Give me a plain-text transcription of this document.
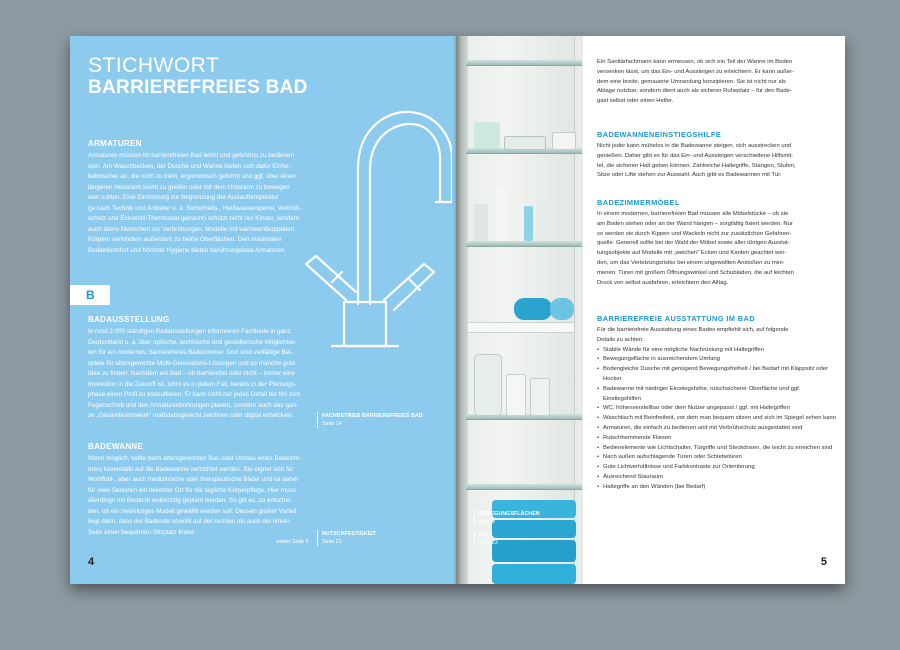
STICHWORT
BARRIEREFREIES BAD
ARMATUREN
Armaturen müssen im barrierefreien Bad leicht und gefahrlos zu bedienen
sein. Am Waschbecken, der Dusche und Wanne bieten sich dafür Einhe-
belmischer an, die nicht zu klein, ergonomisch geformt und ggf. über einen
längeren Hebelarm leicht zu greifen oder mit dem Unterarm zu bewegen
sein sollten. Eine Einrichtung zur Begrenzung der Auslauftemperatur
(je nach Technik und Anbieter u. a. Sicherheits-, Heißwassersperre, Verbrüh-
schutz und Eckventil-Thermostat genannt) schützt nicht nur Kinder, sondern
auch ältere Menschen vor Verbrühungen. Modelle mit wärmeentkoppelten
Körpern verhindern außerdem zu heiße Oberflächen. Den maximalen
Bedienkomfort und höchste Hygiene bieten berührungslose Armaturen.
B
BADAUSSTELLUNG
In rund 2.000 ständigen Badausstellungen informieren Fachleute in ganz
Deutschland u. a. über optische, technische und gestalterische Möglichkei-
ten für ein modernes, barrierefreies Badezimmer. Dort sind vielfältige Bei-
spiele für altersgerechte Multi-Generations-Lösungen und so manche gute
Idee zu finden. Nachdem ein Bad – ob barrierefrei oder nicht – immer eine
Investition in die Zukunft ist, lohnt es in jedem Fall, bereits in der Planungs-
phase einen Profi zu konsultieren. Er kann nicht nur jedes Detail bis hin zum
Fugenschnitt und den Armaturenbohrungen planen, sondern auch das gan-
ze „Gesamtkunstwerk" maßstabsgerecht zeichnen oder digital entwickeln.
BADEWANNE
Wenn möglich, sollte beim altersgerechten Bau oder Umbau eines Badezim-
mers keinesfalls auf die Badewanne verzichtet werden. Sie eignet sich für
Wohlfühl-, aber auch medizinische oder therapeutische Bäder und ist daher
für viele Senioren ein beliebter Ort für die tägliche Körperpflege. Hier muss
allerdings mit Bedacht weitsichtig geplant werden. So gilt es, zu entschei-
den, ob ein zweisitziges Modell gewählt werden soll. Dessen großer Vorteil
liegt darin, dass der Badende sowohl auf der rechten als auch der linken
Seite einen bequemen Sitzplatz findet.
weiter Seite 5
FACHBETRIEB BARRIEREFREIES BAD
Seite 14
RUTSCHFESTIGKEIT
Seite 21
4
BEWEGUNGSFLÄCHEN
Seite 8
WC
Seite 23
Ein Sanitärfachmann kann ermessen, ob sich ein Teil der Wanne im Boden
versenken lässt, um das Ein- und Aussteigen zu erleichtern. Er kann außer-
dem eine breite, gemauerte Umrandung konzipieren. Sie ist nicht nur als
Ablage nutzbar, sondern dient auch als sicherer Ruheplatz – für den Bade-
gast selbst oder einen Helfer.
BADEWANNENEINSTIEGSHILFE
Nicht jeder kann mühelos in die Badewanne steigen, sich ausstrecken und
genießen. Daher gibt es für das Ein- und Aussteigen verschiedene Hilfsmit-
tel, die sicheren Halt geben können. Zahlreiche Haltegriffe, Stangen, Stufen,
Sitze oder Lifte stehen zur Auswahl. Auch gibt es Badewannen mit Tür.
BADEZIMMERMÖBEL
In einem modernen, barrierefreien Bad müssen alle Möbelstücke – ob sie
am Boden stehen oder an der Wand hängen – sorgfältig fixiert werden. Nur
so werden sie durch Kippen und Wackeln nicht zur zusätzlichen Gefahren-
quelle. Generell sollte bei der Wahl der Möbel sowie aller übrigen Ausstat-
tungsobjekte auf Modelle mit „weichen" Ecken und Kanten geachtet wer-
den, um das Verletzungsrisiko bei einem ungewollten Anstoßen zu mini-
mieren. Türen mit großem Öffnungswinkel und Schubladen, die auf leichten
Druck von selbst ausfahren, erleichtern den Alltag.
BARRIEREFREIE AUSSTATTUNG IM BAD
Für die barrierefreie Ausstattung eines Bades empfiehlt sich, auf folgende
Details zu achten:
• Stabile Wände für eine mögliche Nachrüstung mit Haltegriffen
• Bewegungsfläche in ausreichendem Umfang
• Bodengleiche Dusche mit genügend Bewegungsfreiheit / bei Bedarf mit Klappsitz oder Hocker
• Badewanne mit niedriger Einstiegshöhe, rutschsicherer Oberfläche und ggf. Einstiegshilfen
• WC, höhenverstellbar oder dem Nutzer angepasst / ggf. mit Haltegriffen
• Waschtisch mit Beinfreiheit, vor dem man bequem sitzen und sich im Spiegel sehen kann
• Armaturen, die einfach zu bedienen und mit Verbrühschutz ausgestattet sind
• Rutschhemmende Fliesen
• Bedienelemente wie Lichtschalter, Türgriffe und Steckdosen, die leicht zu erreichen sind
• Nach außen aufschlagende Türen oder Schiebetüren
• Gute Lichtverhältnisse und Farbkontraste zur Orientierung
• Ausreichend Stauraum
• Haltegriffe an den Wänden (bei Bedarf)
5
